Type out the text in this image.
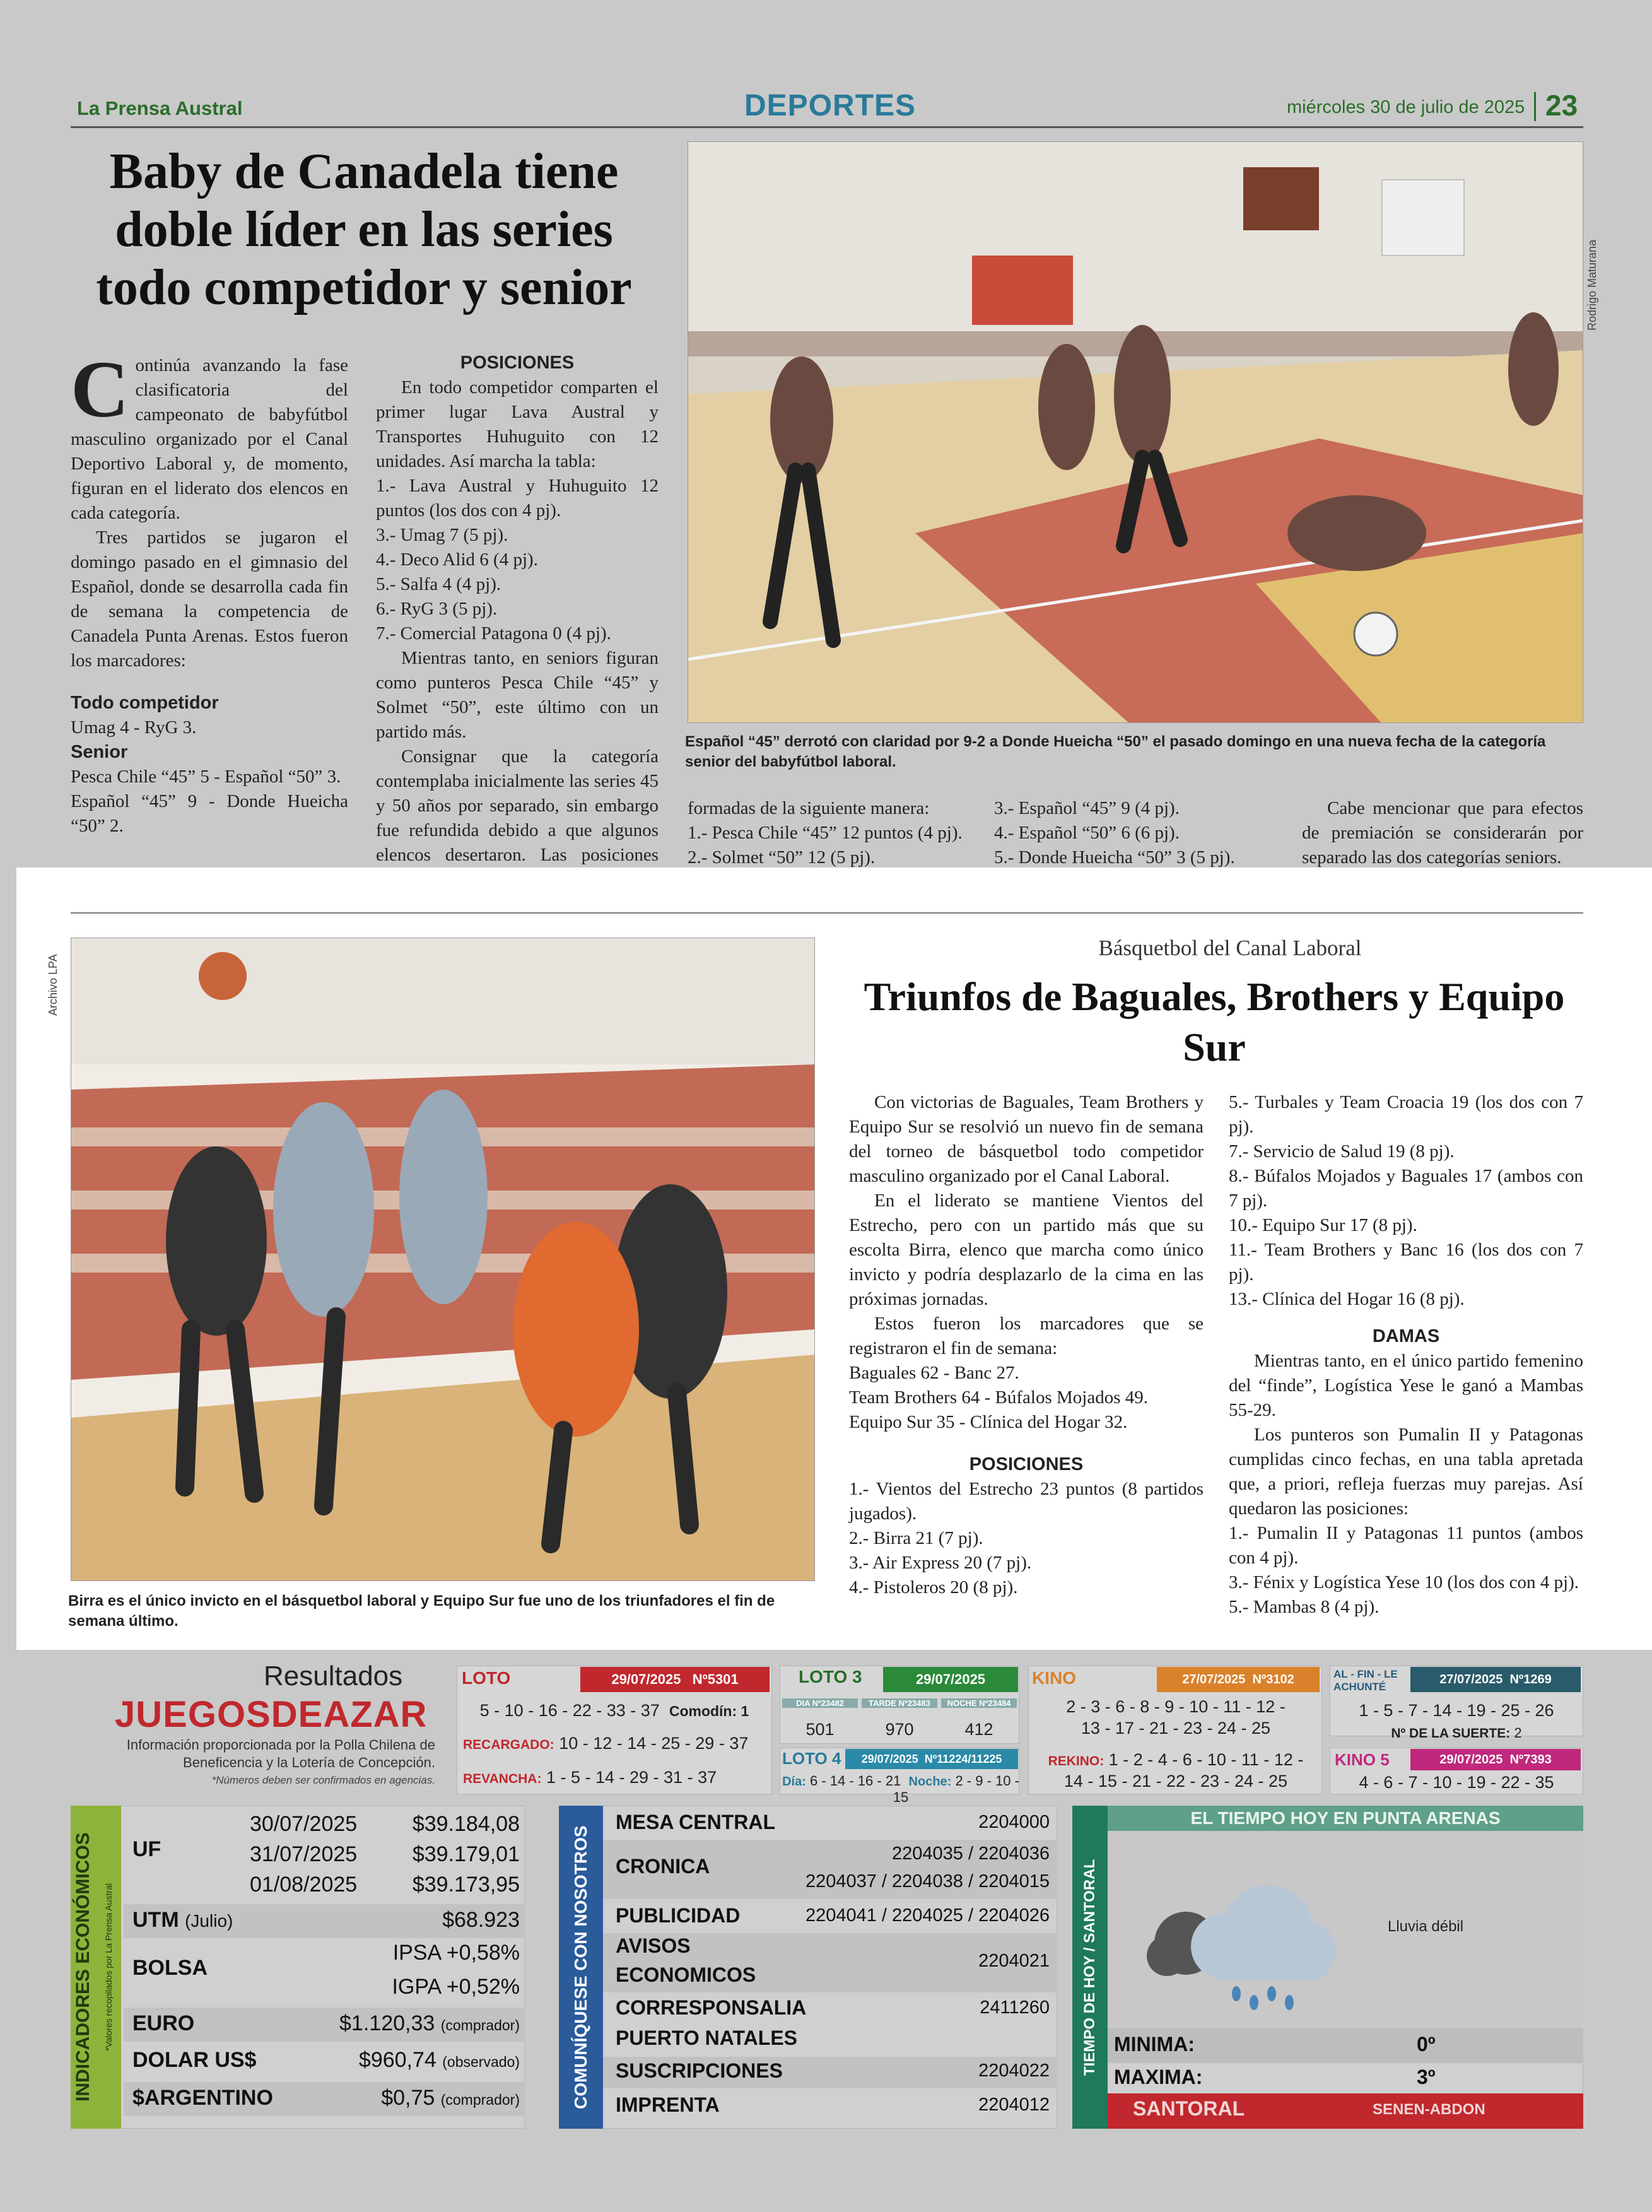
La Prensa Austral	DEPORTES	miércoles 30 de julio de 2025 23
Baby de Canadela tiene doble líder en las series todo competidor y senior

Continúa avanzando la fase clasificatoria del campeonato de babyfútbol masculino organizado por el Canal Deportivo Laboral y, de momento, figuran en el liderato dos elencos en cada categoría.

Tres partidos se jugaron el domingo pasado en el gimnasio del Español, donde se desarrolla cada fin de semana la competencia de Canadela Punta Arenas. Estos fueron los marcadores:

Todo competidor

Umag 4 - RyG 3.

Senior

Pesca Chile “45” 5 - Español “50” 3.

Español “45” 9 - Donde Hueicha “50” 2.

POSICIONES

En todo competidor comparten el primer lugar Lava Austral y Transportes Huhuguito con 12 unidades. Así marcha la tabla:

1.- Lava Austral y Huhuguito 12 puntos (los dos con 4 pj).

3.- Umag 7 (5 pj).

4.- Deco Alid 6 (4 pj).

5.- Salfa 4 (4 pj).

6.- RyG 3 (5 pj).

7.- Comercial Patagona 0 (4 pj).

Mientras tanto, en seniors figuran como punteros Pesca Chile “45” y Solmet “50”, este último con un partido más.

Consignar que la categoría contemplaba inicialmente las series 45 y 50 años por separado, sin embargo fue refundida debido a que algunos elencos desertaron. Las posiciones

Rodrigo Maturana
Español “45” derrotó con claridad por 9-2 a Donde Hueicha “50” el pasado domingo en una nueva fecha de la categoría senior del babyfútbol laboral.

formadas de la siguiente manera:

1.- Pesca Chile “45” 12 puntos (4 pj).

2.- Solmet “50” 12 (5 pj).

3.- Español “45” 9 (4 pj).

4.- Español “50” 6 (6 pj).

5.- Donde Hueicha “50” 3 (5 pj).

Cabe mencionar que para efectos de premiación se considerarán por separado las dos categorías seniors.

Archivo LPA
Birra es el único invicto en el básquetbol laboral y Equipo Sur fue uno de los triunfadores el fin de semana último.
Básquetbol del Canal Laboral
Triunfos de Baguales, Brothers y Equipo Sur

Con victorias de Baguales, Team Brothers y Equipo Sur se resolvió un nuevo fin de semana del torneo de básquetbol todo competidor masculino organizado por el Canal Laboral.

En el liderato se mantiene Vientos del Estrecho, pero con un partido más que su escolta Birra, elenco que marcha como único invicto y podría desplazarlo de la cima en las próximas jornadas.

Estos fueron los marcadores que se registraron el fin de semana:

Baguales 62 - Banc 27.

Team Brothers 64 - Búfalos Mojados 49.

Equipo Sur 35 - Clínica del Hogar 32.

POSICIONES

1.- Vientos del Estrecho 23 puntos (8 partidos jugados).

2.- Birra 21 (7 pj).

3.- Air Express 20 (7 pj).

4.- Pistoleros 20 (8 pj).

5.- Turbales y Team Croacia 19 (los dos con 7 pj).

7.- Servicio de Salud 19 (8 pj).

8.- Búfalos Mojados y Baguales 17 (ambos con 7 pj).

10.- Equipo Sur 17 (8 pj).

11.- Team Brothers y Banc 16 (los dos con 7 pj).

13.- Clínica del Hogar 16 (8 pj).

DAMAS

Mientras tanto, en el único partido femenino del “finde”, Logística Yese le ganó a Mambas 55-29.

Los punteros son Pumalin II y Patagonas cumplidas cinco fechas, en una tabla apretada que, a priori, refleja fuerzas muy parejas. Así quedaron las posiciones:

1.- Pumalin II y Patagonas 11 puntos (ambos con 4 pj).

3.- Fénix y Logística Yese 10 (los dos con 4 pj).

5.- Mambas 8 (4 pj).

Resultados
JUEGOSDEAZAR
Información proporcionada por la Polla Chilena de Beneficencia y la Lotería de Concepción.
*Números deben ser confirmados en agencias.
LOTO	29/07/2025 Nº5301
5 - 10 - 16 - 22 - 33 - 37 Comodín: 1
RECARGADO: 10 - 12 - 14 - 25 - 29 - 37
REVANCHA: 1 - 5 - 14 - 29 - 31 - 37
LOTO 3	29/07/2025
DIA Nº23482	TARDE Nº23483	NOCHE Nº23484
501	970	412
LOTO 4	29/07/2025 Nº11224/11225
Día: 6 - 14 - 16 - 21 Noche: 2 - 9 - 10 - 15
KINO	27/07/2025 Nº3102
2 - 3 - 6 - 8 - 9 - 10 - 11 - 12 -
13 - 17 - 21 - 23 - 24 - 25
REKINO: 1 - 2 - 4 - 6 - 10 - 11 - 12 -
14 - 15 - 21 - 22 - 23 - 24 - 25
AL - FIN - LE
ACHUNTÉ
27/07/2025 Nº1269
1 - 5 - 7 - 14 - 19 - 25 - 26
Nº DE LA SUERTE: 2
KINO 5	29/07/2025 Nº7393
4 - 6 - 7 - 10 - 19 - 22 - 35
INDICADORES ECONÓMICOS *Valores recopilados por La Prensa Austral
UF
30/07/2025	$39.184,08
31/07/2025	$39.179,01
01/08/2025	$39.173,95
UTM (Julio)	$68.923
BOLSA
IPSA +0,58%
IGPA +0,52%
EURO	$1.120,33 (comprador)
DOLAR US$	$960,74 (observado)
$ARGENTINO	$0,75 (comprador)	COMUNÍQUESE CON NOSOTROS
MESA CENTRAL	2204000
CRONICA
2204035 / 2204036
2204037 / 2204038 / 2204015
PUBLICIDAD	2204041 / 2204025 / 2204026
AVISOS
ECONOMICOS
2204021
CORRESPONSALIA	2411260
PUERTO NATALES
SUSCRIPCIONES	2204022
IMPRENTA	2204012
TIEMPO DE HOY / SANTORAL
EL TIEMPO HOY EN PUNTA ARENAS
Lluvia débil
MINIMA:	0º
MAXIMA:	3º
SANTORAL	SENEN-ABDON
